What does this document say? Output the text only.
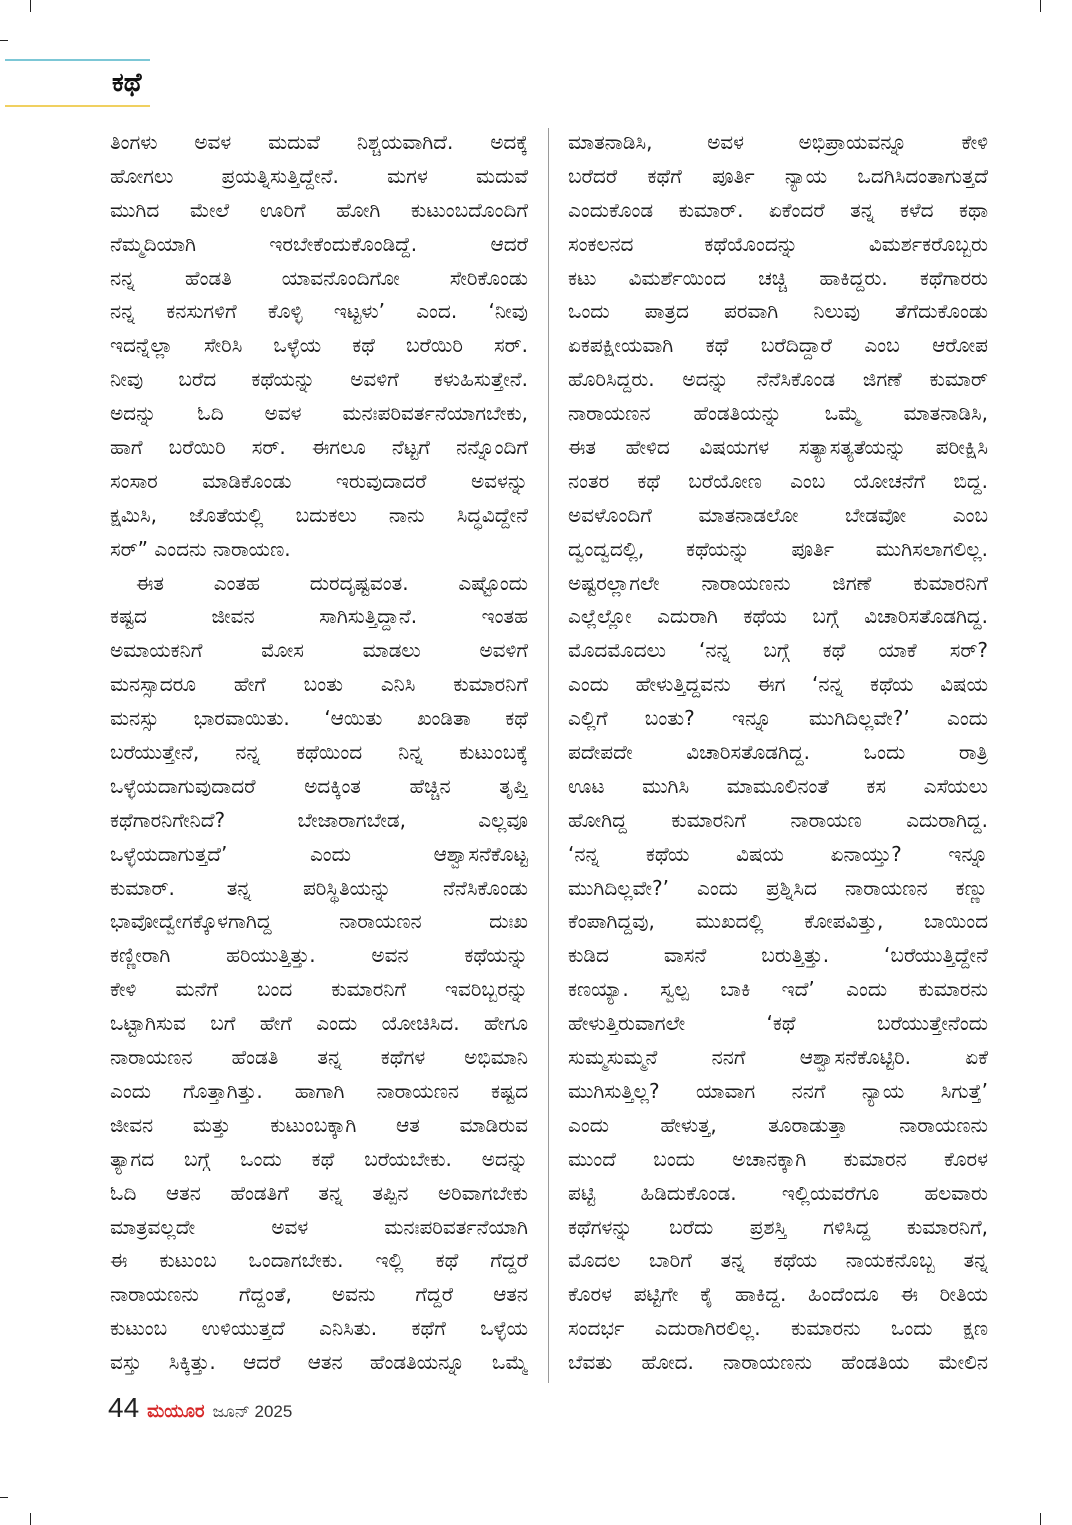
ಕಥೆ
ತಿಂಗಳು ಅವಳ ಮದುವೆ ನಿಶ್ಚಯವಾಗಿದೆ. ಅದಕ್ಕೆ
ಹೋಗಲು ಪ್ರಯತ್ನಿಸುತ್ತಿದ್ದೇನೆ. ಮಗಳ ಮದುವೆ
ಮುಗಿದ ಮೇಲೆ ಊರಿಗೆ ಹೋಗಿ ಕುಟುಂಬದೊಂದಿಗೆ
ನೆಮ್ಮದಿಯಾಗಿ ಇರಬೇಕೆಂದುಕೊಂಡಿದ್ದೆ. ಆದರೆ
ನನ್ನ ಹೆಂಡತಿ ಯಾವನೊಂದಿಗೋ ಸೇರಿಕೊಂಡು
ನನ್ನ ಕನಸುಗಳಿಗೆ ಕೊಳ್ಳಿ ಇಟ್ಟಳು’ ಎಂದ. ‘ನೀವು
ಇದನ್ನೆಲ್ಲಾ ಸೇರಿಸಿ ಒಳ್ಳೆಯ ಕಥೆ ಬರೆಯಿರಿ ಸರ್.
ನೀವು ಬರೆದ ಕಥೆಯನ್ನು ಅವಳಿಗೆ ಕಳುಹಿಸುತ್ತೇನೆ.
ಅದನ್ನು ಓದಿ ಅವಳ ಮನಃಪರಿವರ್ತನೆಯಾಗಬೇಕು,
ಹಾಗೆ ಬರೆಯಿರಿ ಸರ್. ಈಗಲೂ ನೆಟ್ಟಗೆ ನನ್ನೊಂದಿಗೆ
ಸಂಸಾರ ಮಾಡಿಕೊಂಡು ಇರುವುದಾದರೆ ಅವಳನ್ನು
ಕ್ಷಮಿಸಿ, ಜೊತೆಯಲ್ಲಿ ಬದುಕಲು ನಾನು ಸಿದ್ಧವಿದ್ದೇನೆ
ಸರ್” ಎಂದನು ನಾರಾಯಣ.
ಈತ ಎಂತಹ ದುರದೃಷ್ಟವಂತ. ಎಷ್ಟೊಂದು
ಕಷ್ಟದ ಜೀವನ ಸಾಗಿಸುತ್ತಿದ್ದಾನೆ. ಇಂತಹ
ಅಮಾಯಕನಿಗೆ ಮೋಸ ಮಾಡಲು ಅವಳಿಗೆ
ಮನಸ್ಸಾದರೂ ಹೇಗೆ ಬಂತು ಎನಿಸಿ ಕುಮಾರನಿಗೆ
ಮನಸ್ಸು ಭಾರವಾಯಿತು. ‘ಆಯಿತು ಖಂಡಿತಾ ಕಥೆ
ಬರೆಯುತ್ತೇನೆ, ನನ್ನ ಕಥೆಯಿಂದ ನಿನ್ನ ಕುಟುಂಬಕ್ಕೆ
ಒಳ್ಳೆಯದಾಗುವುದಾದರೆ ಅದಕ್ಕಿಂತ ಹೆಚ್ಚಿನ ತೃಪ್ತಿ
ಕಥೆಗಾರನಿಗೇನಿದೆ? ಬೇಜಾರಾಗಬೇಡ, ಎಲ್ಲವೂ
ಒಳ್ಳೆಯದಾಗುತ್ತದೆ’ ಎಂದು ಆಶ್ವಾಸನೆಕೊಟ್ಟ
ಕುಮಾರ್. ತನ್ನ ಪರಿಸ್ಥಿತಿಯನ್ನು ನೆನೆಸಿಕೊಂಡು
ಭಾವೋದ್ವೇಗಕ್ಕೊಳಗಾಗಿದ್ದ ನಾರಾಯಣನ ದುಃಖ
ಕಣ್ಣೀರಾಗಿ ಹರಿಯುತ್ತಿತ್ತು. ಅವನ ಕಥೆಯನ್ನು
ಕೇಳಿ ಮನೆಗೆ ಬಂದ ಕುಮಾರನಿಗೆ ಇವರಿಬ್ಬರನ್ನು
ಒಟ್ಟಾಗಿಸುವ ಬಗೆ ಹೇಗೆ ಎಂದು ಯೋಚಿಸಿದ. ಹೇಗೂ
ನಾರಾಯಣನ ಹೆಂಡತಿ ತನ್ನ ಕಥೆಗಳ ಅಭಿಮಾನಿ
ಎಂದು ಗೊತ್ತಾಗಿತ್ತು. ಹಾಗಾಗಿ ನಾರಾಯಣನ ಕಷ್ಟದ
ಜೀವನ ಮತ್ತು ಕುಟುಂಬಕ್ಕಾಗಿ ಆತ ಮಾಡಿರುವ
ತ್ಯಾಗದ ಬಗ್ಗೆ ಒಂದು ಕಥೆ ಬರೆಯಬೇಕು. ಅದನ್ನು
ಓದಿ ಆತನ ಹೆಂಡತಿಗೆ ತನ್ನ ತಪ್ಪಿನ ಅರಿವಾಗಬೇಕು
ಮಾತ್ರವಲ್ಲದೇ ಅವಳ ಮನಃಪರಿವರ್ತನೆಯಾಗಿ
ಈ ಕುಟುಂಬ ಒಂದಾಗಬೇಕು. ಇಲ್ಲಿ ಕಥೆ ಗೆದ್ದರೆ
ನಾರಾಯಣನು ಗೆದ್ದಂತೆ, ಅವನು ಗೆದ್ದರೆ ಆತನ
ಕುಟುಂಬ ಉಳಿಯುತ್ತದೆ ಎನಿಸಿತು. ಕಥೆಗೆ ಒಳ್ಳೆಯ
ವಸ್ತು ಸಿಕ್ಕಿತ್ತು. ಆದರೆ ಆತನ ಹೆಂಡತಿಯನ್ನೂ ಒಮ್ಮೆ
ಮಾತನಾಡಿಸಿ, ಅವಳ ಅಭಿಪ್ರಾಯವನ್ನೂ ಕೇಳಿ
ಬರೆದರೆ ಕಥೆಗೆ ಪೂರ್ತಿ ನ್ಯಾಯ ಒದಗಿಸಿದಂತಾಗುತ್ತದೆ
ಎಂದುಕೊಂಡ ಕುಮಾರ್. ಏಕೆಂದರೆ ತನ್ನ ಕಳೆದ ಕಥಾ
ಸಂಕಲನದ ಕಥೆಯೊಂದನ್ನು ವಿಮರ್ಶಕರೊಬ್ಬರು
ಕಟು ವಿಮರ್ಶೆಯಿಂದ ಚಚ್ಚಿ ಹಾಕಿದ್ದರು. ಕಥೆಗಾರರು
ಒಂದು ಪಾತ್ರದ ಪರವಾಗಿ ನಿಲುವು ತೆಗೆದುಕೊಂಡು
ಏಕಪಕ್ಷೀಯವಾಗಿ ಕಥೆ ಬರೆದಿದ್ದಾರೆ ಎಂಬ ಆರೋಪ
ಹೊರಿಸಿದ್ದರು. ಅದನ್ನು ನೆನೆಸಿಕೊಂಡ ಜಿಗಣೆ ಕುಮಾರ್
ನಾರಾಯಣನ ಹೆಂಡತಿಯನ್ನು ಒಮ್ಮೆ ಮಾತನಾಡಿಸಿ,
ಈತ ಹೇಳಿದ ವಿಷಯಗಳ ಸತ್ಯಾಸತ್ಯತೆಯನ್ನು ಪರೀಕ್ಷಿಸಿ
ನಂತರ ಕಥೆ ಬರೆಯೋಣ ಎಂಬ ಯೋಚನೆಗೆ ಬಿದ್ದ.
ಅವಳೊಂದಿಗೆ ಮಾತನಾಡಲೋ ಬೇಡವೋ ಎಂಬ
ದ್ವಂದ್ವದಲ್ಲಿ, ಕಥೆಯನ್ನು ಪೂರ್ತಿ ಮುಗಿಸಲಾಗಲಿಲ್ಲ.
ಅಷ್ಟರಲ್ಲಾಗಲೇ ನಾರಾಯಣನು ಜಿಗಣೆ ಕುಮಾರನಿಗೆ
ಎಲ್ಲೆಲ್ಲೋ ಎದುರಾಗಿ ಕಥೆಯ ಬಗ್ಗೆ ವಿಚಾರಿಸತೊಡಗಿದ್ದ.
ಮೊದಮೊದಲು ‘ನನ್ನ ಬಗ್ಗೆ ಕಥೆ ಯಾಕೆ ಸರ್?
ಎಂದು ಹೇಳುತ್ತಿದ್ದವನು ಈಗ ‘ನನ್ನ ಕಥೆಯ ವಿಷಯ
ಎಲ್ಲಿಗೆ ಬಂತು? ಇನ್ನೂ ಮುಗಿದಿಲ್ಲವೇ?’ ಎಂದು
ಪದೇಪದೇ ವಿಚಾರಿಸತೊಡಗಿದ್ದ. ಒಂದು ರಾತ್ರಿ
ಊಟ ಮುಗಿಸಿ ಮಾಮೂಲಿನಂತೆ ಕಸ ಎಸೆಯಲು
ಹೋಗಿದ್ದ ಕುಮಾರನಿಗೆ ನಾರಾಯಣ ಎದುರಾಗಿದ್ದ.
‘ನನ್ನ ಕಥೆಯ ವಿಷಯ ಏನಾಯ್ತು? ಇನ್ನೂ
ಮುಗಿದಿಲ್ಲವೇ?’ ಎಂದು ಪ್ರಶ್ನಿಸಿದ ನಾರಾಯಣನ ಕಣ್ಣು
ಕೆಂಪಾಗಿದ್ದವು, ಮುಖದಲ್ಲಿ ಕೋಪವಿತ್ತು, ಬಾಯಿಂದ
ಕುಡಿದ ವಾಸನೆ ಬರುತ್ತಿತ್ತು. ‘ಬರೆಯುತ್ತಿದ್ದೇನೆ
ಕಣಯ್ಯಾ. ಸ್ವಲ್ಪ ಬಾಕಿ ಇದೆ’ ಎಂದು ಕುಮಾರನು
ಹೇಳುತ್ತಿರುವಾಗಲೇ ‘ಕಥೆ ಬರೆಯುತ್ತೇನೆಂದು
ಸುಮ್ಮಸುಮ್ಮನೆ ನನಗೆ ಆಶ್ವಾಸನೆಕೊಟ್ಟಿರಿ. ಏಕೆ
ಮುಗಿಸುತ್ತಿಲ್ಲ? ಯಾವಾಗ ನನಗೆ ನ್ಯಾಯ ಸಿಗುತ್ತೆ’
ಎಂದು ಹೇಳುತ್ತ, ತೂರಾಡುತ್ತಾ ನಾರಾಯಣನು
ಮುಂದೆ ಬಂದು ಅಚಾನಕ್ಕಾಗಿ ಕುಮಾರನ ಕೊರಳ
ಪಟ್ಟಿ ಹಿಡಿದುಕೊಂಡ. ಇಲ್ಲಿಯವರೆಗೂ ಹಲವಾರು
ಕಥೆಗಳನ್ನು ಬರೆದು ಪ್ರಶಸ್ತಿ ಗಳಿಸಿದ್ದ ಕುಮಾರನಿಗೆ,
ಮೊದಲ ಬಾರಿಗೆ ತನ್ನ ಕಥೆಯ ನಾಯಕನೊಬ್ಬ ತನ್ನ
ಕೊರಳ ಪಟ್ಟಿಗೇ ಕೈ ಹಾಕಿದ್ದ. ಹಿಂದೆಂದೂ ಈ ರೀತಿಯ
ಸಂದರ್ಭ ಎದುರಾಗಿರಲಿಲ್ಲ. ಕುಮಾರನು ಒಂದು ಕ್ಷಣ
ಬೆವತು ಹೋದ. ನಾರಾಯಣನು ಹೆಂಡತಿಯ ಮೇಲಿನ
44 ಮಯೂರ ಜೂನ್ 2025
